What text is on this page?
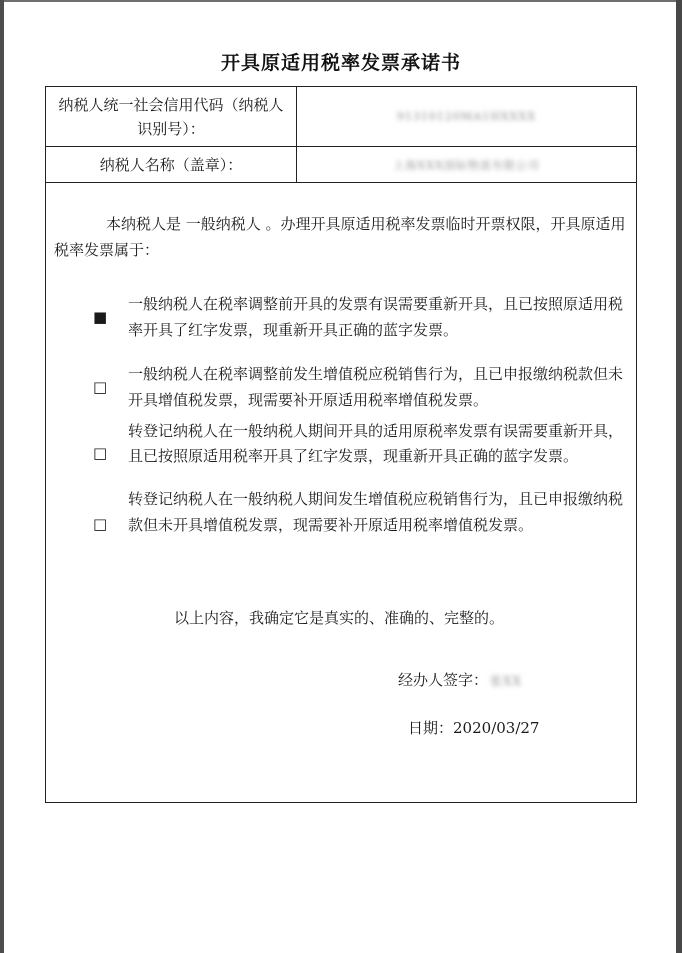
开具原适用税率发票承诺书
纳税人统一社会信用代码（纳税人识别号）：
91310120MA1HXXXX
纳税人名称（盖章）：	上海XXX国际物流有限公司
本纳税人是 一般纳税人 。办理开具原适用税率发票临时开票权限，开具原适用税率发票属于：
■
一般纳税人在税率调整前开具的发票有误需要重新开具，且已按照原适用税率开具了红字发票，现重新开具正确的蓝字发票。
□
一般纳税人在税率调整前发生增值税应税销售行为，且已申报缴纳税款但未开具增值税发票，现需要补开原适用税率增值税发票。
□
转登记纳税人在一般纳税人期间开具的适用原税率发票有误需要重新开具，且已按照原适用税率开具了红字发票，现重新开具正确的蓝字发票。
□
转登记纳税人在一般纳税人期间发生增值税应税销售行为，且已申报缴纳税款但未开具增值税发票，现需要补开原适用税率增值税发票。
以上内容，我确定它是真实的、准确的、完整的。
经办人签字： 张XX
日期：2020/03/27
